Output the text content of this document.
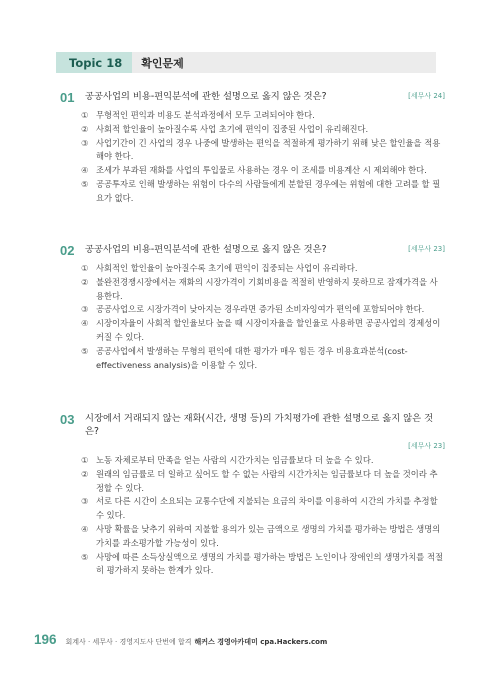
Topic 18	확인문제
01	[세무사 24]
공공사업의 비용-편익분석에 관한 설명으로 옳지 않은 것은?
① 무형적인 편익과 비용도 분석과정에서 모두 고려되어야 한다.
② 사회적 할인율이 높아질수록 사업 초기에 편익이 집중된 사업이 유리해진다.
③ 사업기간이 긴 사업의 경우 나중에 발생하는 편익을 적절하게 평가하기 위해 낮은 할인율을 적용해야 한다.
④ 조세가 부과된 재화를 사업의 투입물로 사용하는 경우 이 조세를 비용계산 시 제외해야 한다.
⑤ 공공투자로 인해 발생하는 위험이 다수의 사람들에게 분할된 경우에는 위험에 대한 고려를 할 필요가 없다.
02	[세무사 23]
공공사업의 비용-편익분석에 관한 설명으로 옳지 않은 것은?
① 사회적인 할인율이 높아질수록 초기에 편익이 집중되는 사업이 유리하다.
② 불완전경쟁시장에서는 재화의 시장가격이 기회비용을 적절히 반영하지 못하므로 잠재가격을 사용한다.
③ 공공사업으로 시장가격이 낮아지는 경우라면 증가된 소비자잉여가 편익에 포함되어야 한다.
④ 시장이자율이 사회적 할인율보다 높을 때 시장이자율을 할인율로 사용하면 공공사업의 경제성이 커질 수 있다.
⑤ 공공사업에서 발생하는 무형의 편익에 대한 평가가 매우 힘든 경우 비용효과분석(cost-effectiveness analysis)을 이용할 수 있다.
03 시장에서 거래되지 않는 재화(시간, 생명 등)의 가치평가에 관한 설명으로 옳지 않은 것은?
[세무사 23]
① 노동 자체로부터 만족을 얻는 사람의 시간가치는 임금률보다 더 높을 수 있다.
② 원래의 임금률로 더 일하고 싶어도 할 수 없는 사람의 시간가치는 임금률보다 더 높을 것이라 추정할 수 있다.
③ 서로 다른 시간이 소요되는 교통수단에 지불되는 요금의 차이를 이용하여 시간의 가치를 추정할 수 있다.
④ 사망 확률을 낮추기 위하여 지불할 용의가 있는 금액으로 생명의 가치를 평가하는 방법은 생명의 가치를 과소평가할 가능성이 있다.
⑤ 사망에 따른 소득상실액으로 생명의 가치를 평가하는 방법은 노인이나 장애인의 생명가치를 적절히 평가하지 못하는 한계가 있다.
196 회계사 · 세무사 · 경영지도사 단번에 합격 해커스 경영아카데미 cpa.Hackers.com
